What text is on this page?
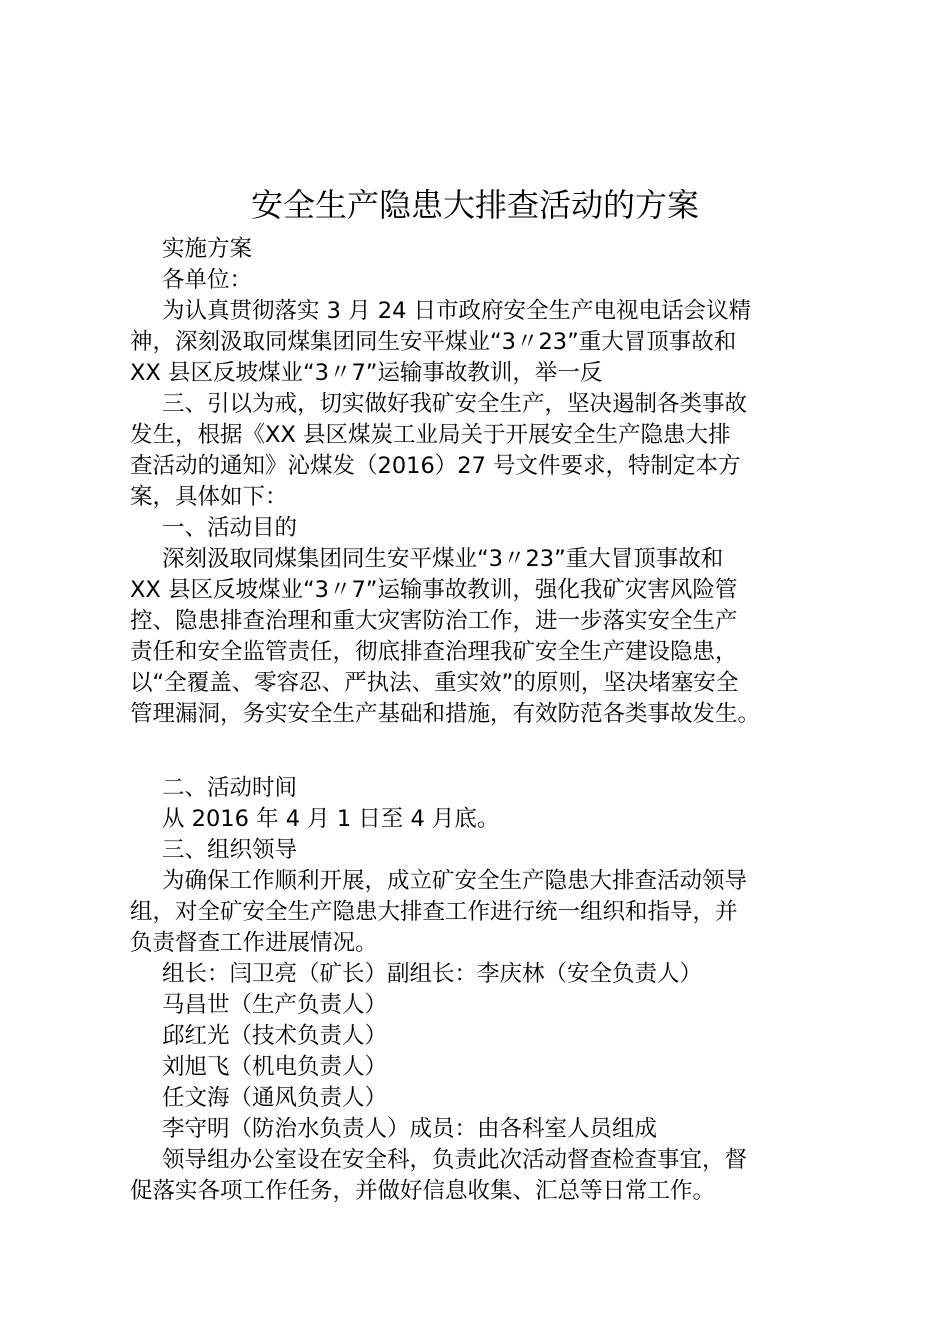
安全生产隐患大排查活动的方案

实施方案

各单位：

为认真贯彻落实 3 月 24 日市政府安全生产电视电话会议精

神，深刻汲取同煤集团同生安平煤业“3〃23”重大冒顶事故和

XX 县区反坡煤业“3〃7”运输事故教训，举一反

三、引以为戒，切实做好我矿安全生产，坚决遏制各类事故

发生，根据《XX 县区煤炭工业局关于开展安全生产隐患大排

查活动的通知》沁煤发（2016）27 号文件要求，特制定本方

案，具体如下：

一、活动目的

深刻汲取同煤集团同生安平煤业“3〃23”重大冒顶事故和

XX 县区反坡煤业“3〃7”运输事故教训，强化我矿灾害风险管

控、隐患排查治理和重大灾害防治工作，进一步落实安全生产

责任和安全监管责任，彻底排查治理我矿安全生产建设隐患，

以“全覆盖、零容忍、严执法、重实效”的原则，坚决堵塞安全

管理漏洞，务实安全生产基础和措施，有效防范各类事故发生。

二、活动时间

从 2016 年 4 月 1 日至 4 月底。

三、组织领导

为确保工作顺利开展，成立矿安全生产隐患大排查活动领导

组，对全矿安全生产隐患大排查工作进行统一组织和指导，并

负责督查工作进展情况。

组长：闫卫亮（矿长）副组长：李庆林（安全负责人）

马昌世（生产负责人）

邱红光（技术负责人）

刘旭飞（机电负责人）

任文海（通风负责人）

李守明（防治水负责人）成员：由各科室人员组成

领导组办公室设在安全科，负责此次活动督查检查事宜，督

促落实各项工作任务，并做好信息收集、汇总等日常工作。
